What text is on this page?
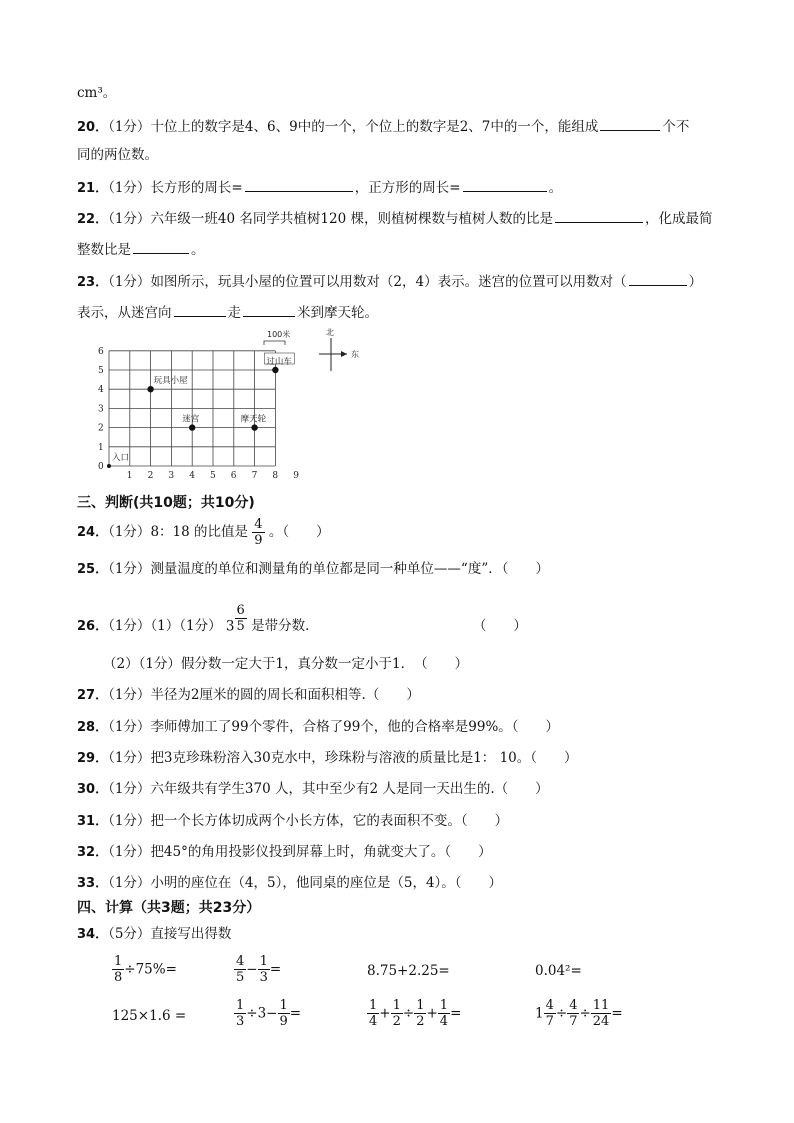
cm³。
20．（1分）十位上的数字是4、6、9中的一个，个位上的数字是2、7中的一个，能组成	个不
同的两位数。
21．（1分）长方形的周长=	，正方形的周长=	。
22．（1分）六年级一班40 名同学共植树120 棵，则植树棵数与植树人数的比是	，化成最简
整数比是	。
23．（1分）如图所示，玩具小屋的位置可以用数对（2，4）表示。迷宫的位置可以用数对（	）
表示，从迷宫向	走	米到摩天轮。
1 2 3 4 5 6 7 8 9
0
1
2
3
4
5
6
入口
玩具小屋
迷宫	摩天轮
过山车
100米	北
东
三、判断(共10题；共10分)
24．（1分）8：18 的比值是 $\frac{4}{9}$ 。（　　）
25．（1分）测量温度的单位和测量角的单位都是同一种单位——“度”．（　　）
26．（1分）（1）（1分） $3 \frac{6}{5}$ 是带分数．	（　　）
（2）（1分）假分数一定大于1，真分数一定小于1．　（　　）
27．（1分）半径为2厘米的圆的周长和面积相等.（　　）
28．（1分）李师傅加工了99个零件，合格了99个，他的合格率是99%。（　　）
29．（1分）把3克珍珠粉溶入30克水中，珍珠粉与溶液的质量比是1： 10。（　　）
30．（1分）六年级共有学生370 人，其中至少有2 人是同一天出生的.（　　）
31．（1分）把一个长方体切成两个小长方体，它的表面积不变。（　　）
32．（1分）把45°的角用投影仪投到屏幕上时，角就变大了。（　　）
33．（1分）小明的座位在（4，5），他同桌的座位是（5，4）。（　　）
四、计算（共3题；共23分）
34．（5分）直接写出得数
$\frac{1}{8} \div 75\%=$	$\frac{4}{5} - \frac{1}{3}$ =	8.75+2.25=	0.04²=
125×1.6 =	$\frac{1}{3} \div 3- \frac{1}{9}$ =	$\frac{1}{4} + \frac{1}{2} \div \frac{1}{2} + \frac{1}{4}$ =	$1 \frac{4}{7} \div \frac{4}{7} \div \frac{11}{24}$ =
